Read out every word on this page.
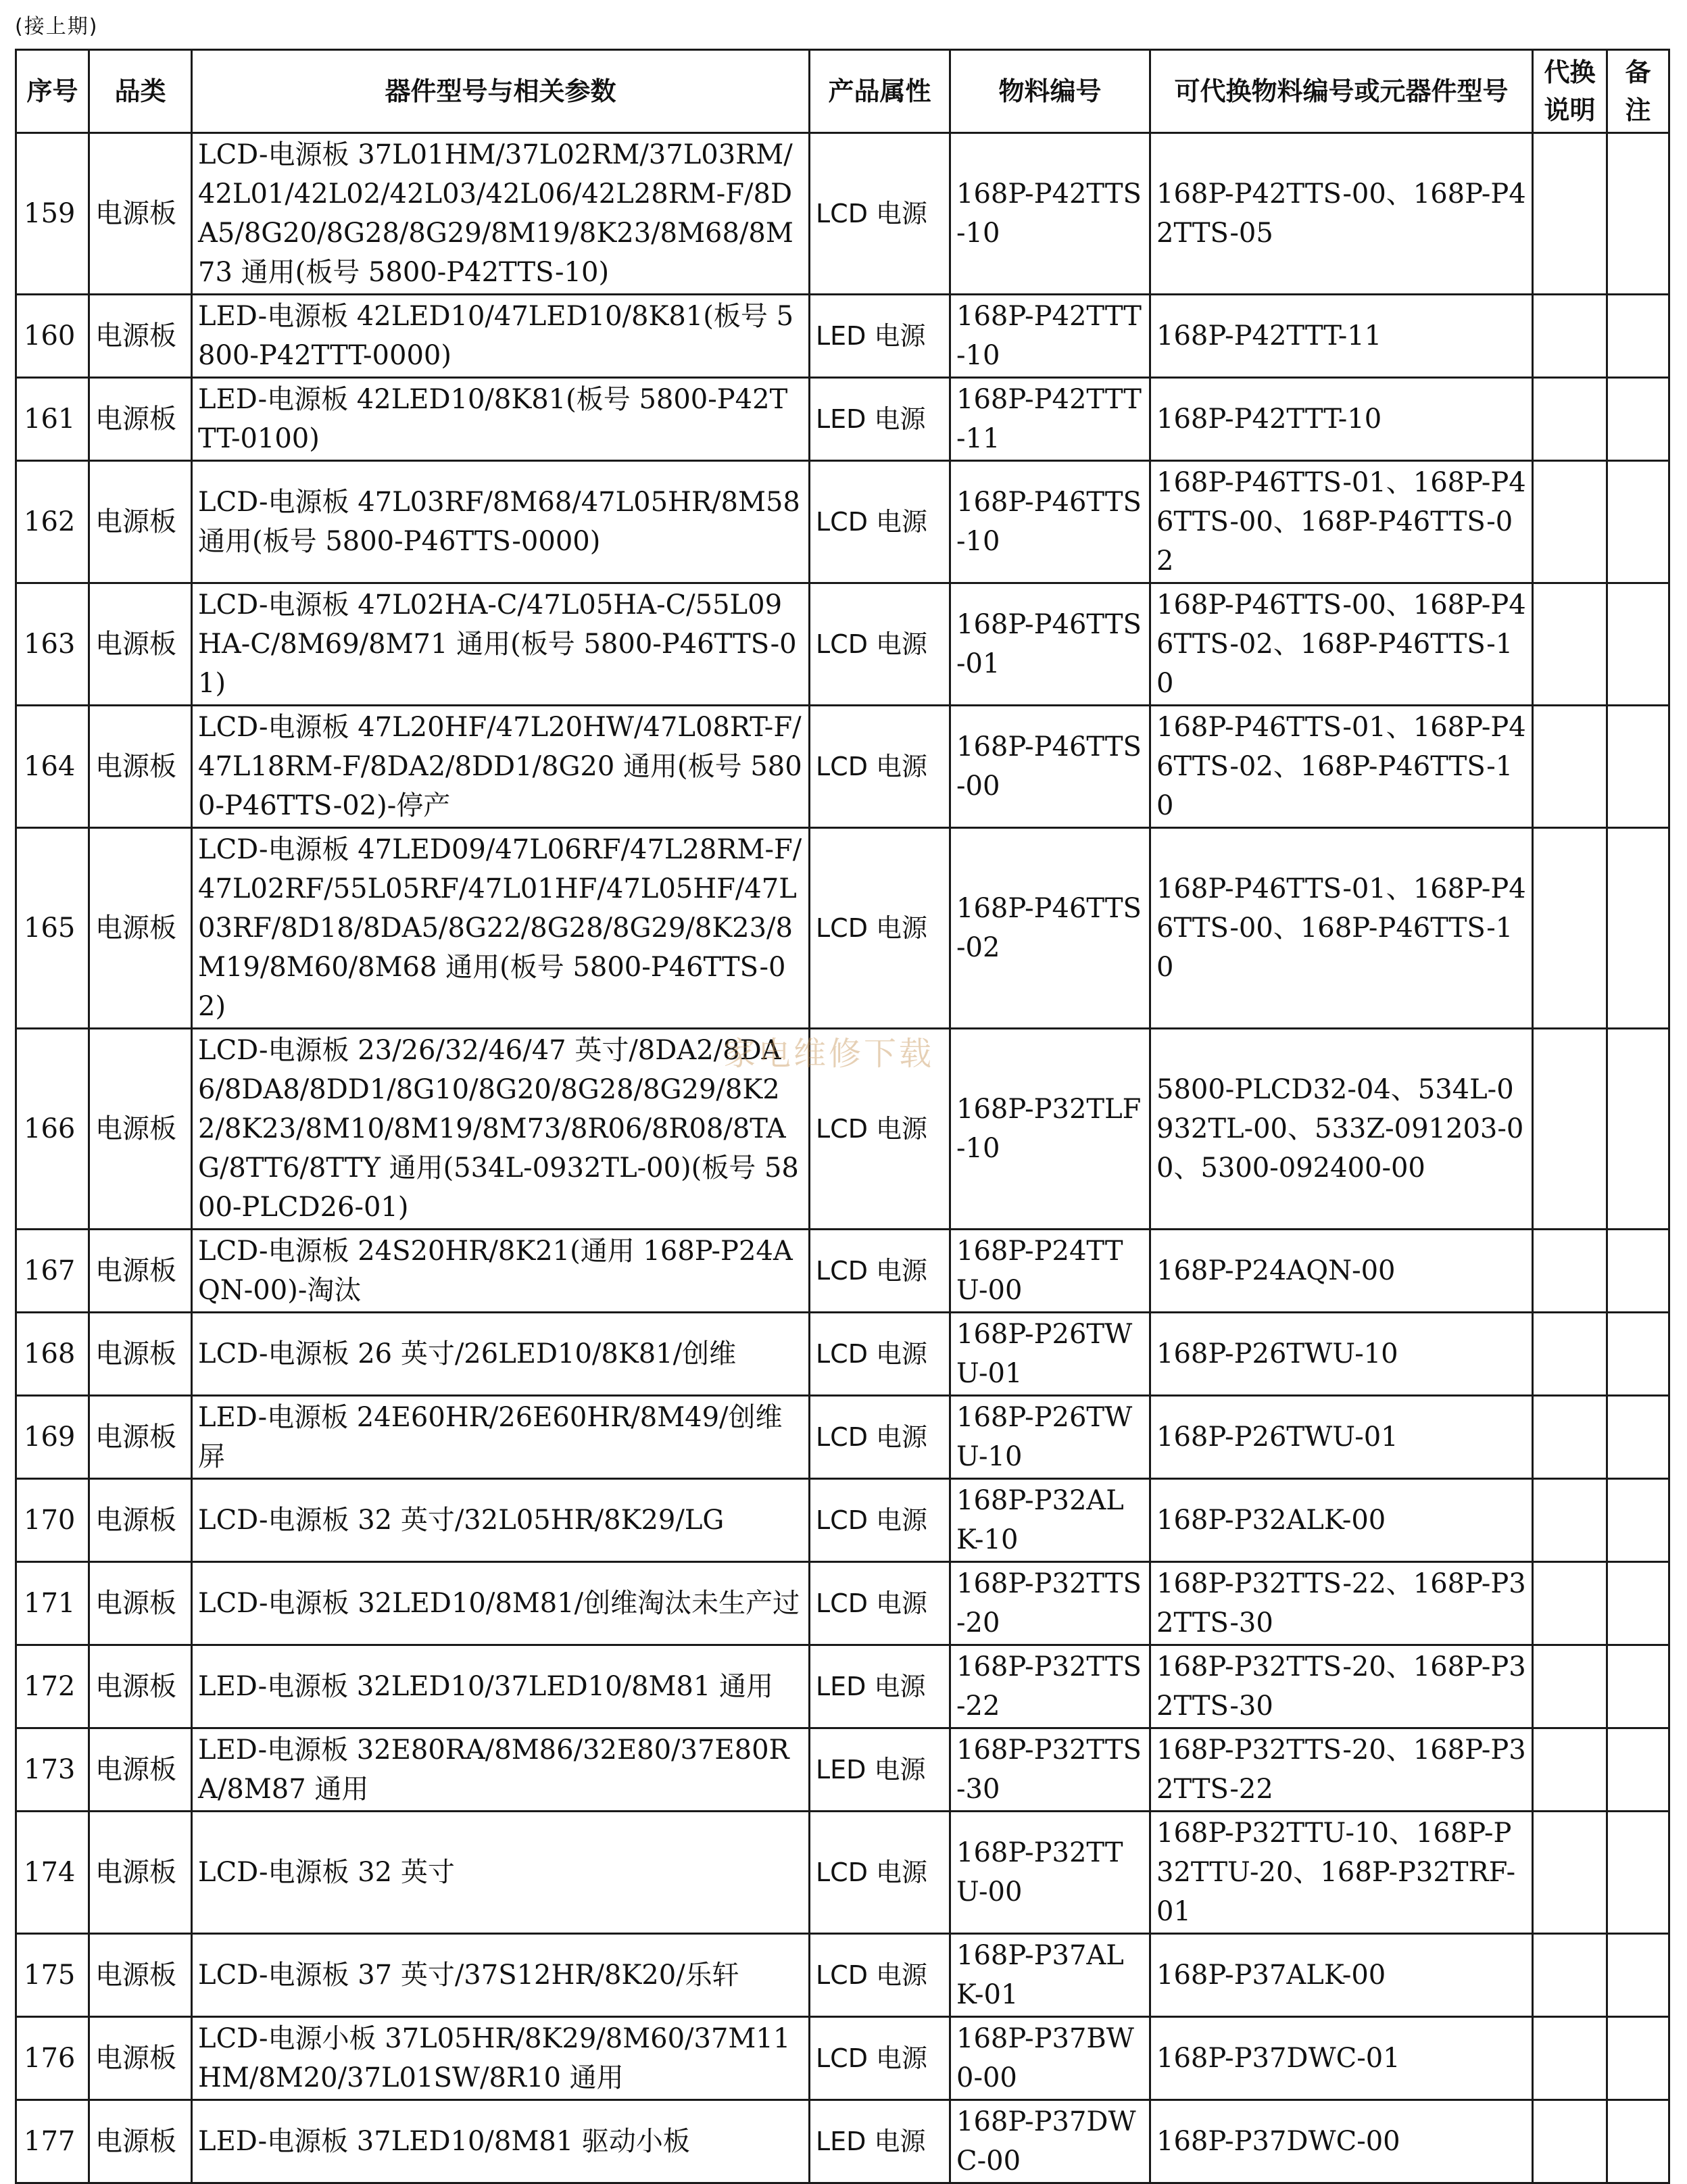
(接上期)
序号	品类	器件型号与相关参数	产品属性	物料编号	可代换物料编号或元器件型号	代换说明	备注
159	电源板	LCD-电源板 37L01HM/37L02RM/37L03RM/42L01/42L02/42L03/42L06/42L28RM-F/8DA5/8G20/8G28/8G29/8M19/8K23/8M68/8M73 通用(板号 5800-P42TTS-10)	LCD 电源	168P-P42TTS-10	168P-P42TTS-00、168P-P42TTS-05		
160	电源板	LED-电源板 42LED10/47LED10/8K81(板号 5800-P42TTT-0000)	LED 电源	168P-P42TTT-10	168P-P42TTT-11		
161	电源板	LED-电源板 42LED10/8K81(板号 5800-P42TTT-0100)	LED 电源	168P-P42TTT-11	168P-P42TTT-10		
162	电源板	LCD-电源板 47L03RF/8M68/47L05HR/8M58 通用(板号 5800-P46TTS-0000)	LCD 电源	168P-P46TTS-10	168P-P46TTS-01、168P-P46TTS-00、168P-P46TTS-02		
163	电源板	LCD-电源板 47L02HA-C/47L05HA-C/55L09HA-C/8M69/8M71 通用(板号 5800-P46TTS-01)	LCD 电源	168P-P46TTS-01	168P-P46TTS-00、168P-P46TTS-02、168P-P46TTS-10		
164	电源板	LCD-电源板 47L20HF/47L20HW/47L08RT-F/47L18RM-F/8DA2/8DD1/8G20 通用(板号 5800-P46TTS-02)-停产	LCD 电源	168P-P46TTS-00	168P-P46TTS-01、168P-P46TTS-02、168P-P46TTS-10		
165	电源板	LCD-电源板 47LED09/47L06RF/47L28RM-F/47L02RF/55L05RF/47L01HF/47L05HF/47L03RF/8D18/8DA5/8G22/8G28/8G29/8K23/8M19/8M60/8M68 通用(板号 5800-P46TTS-02)	LCD 电源	168P-P46TTS-02	168P-P46TTS-01、168P-P46TTS-00、168P-P46TTS-10		
166	电源板	LCD-电源板 23/26/32/46/47 英寸/8DA2/8DA6/8DA8/8DD1/8G10/8G20/8G28/8G29/8K22/8K23/8M10/8M19/8M73/8R06/8R08/8TAG/8TT6/8TTY 通用(534L-0932TL-00)(板号 5800-PLCD26-01)	LCD 电源	168P-P32TLF-10	5800-PLCD32-04、534L-0932TL-00、533Z-091203-00、5300-092400-00		
167	电源板	LCD-电源板 24S20HR/8K21(通用 168P-P24AQN-00)-淘汰	LCD 电源	168P-P24TTU-00	168P-P24AQN-00		
168	电源板	LCD-电源板 26 英寸/26LED10/8K81/创维	LCD 电源	168P-P26TWU-01	168P-P26TWU-10		
169	电源板	LED-电源板 24E60HR/26E60HR/8M49/创维屏	LCD 电源	168P-P26TWU-10	168P-P26TWU-01		
170	电源板	LCD-电源板 32 英寸/32L05HR/8K29/LG	LCD 电源	168P-P32ALK-10	168P-P32ALK-00		
171	电源板	LCD-电源板 32LED10/8M81/创维淘汰未生产过	LCD 电源	168P-P32TTS-20	168P-P32TTS-22、168P-P32TTS-30		
172	电源板	LED-电源板 32LED10/37LED10/8M81 通用	LED 电源	168P-P32TTS-22	168P-P32TTS-20、168P-P32TTS-30		
173	电源板	LED-电源板 32E80RA/8M86/32E80/37E80RA/8M87 通用	LED 电源	168P-P32TTS-30	168P-P32TTS-20、168P-P32TTS-22		
174	电源板	LCD-电源板 32 英寸	LCD 电源	168P-P32TTU-00	168P-P32TTU-10、168P-P32TTU-20、168P-P32TRF-01		
175	电源板	LCD-电源板 37 英寸/37S12HR/8K20/乐轩	LCD 电源	168P-P37ALK-01	168P-P37ALK-00		
176	电源板	LCD-电源小板 37L05HR/8K29/8M60/37M11HM/8M20/37L01SW/8R10 通用	LCD 电源	168P-P37BW0-00	168P-P37DWC-01		
177	电源板	LED-电源板 37LED10/8M81 驱动小板	LED 电源	168P-P37DWC-00	168P-P37DWC-00		
家电维修下载
